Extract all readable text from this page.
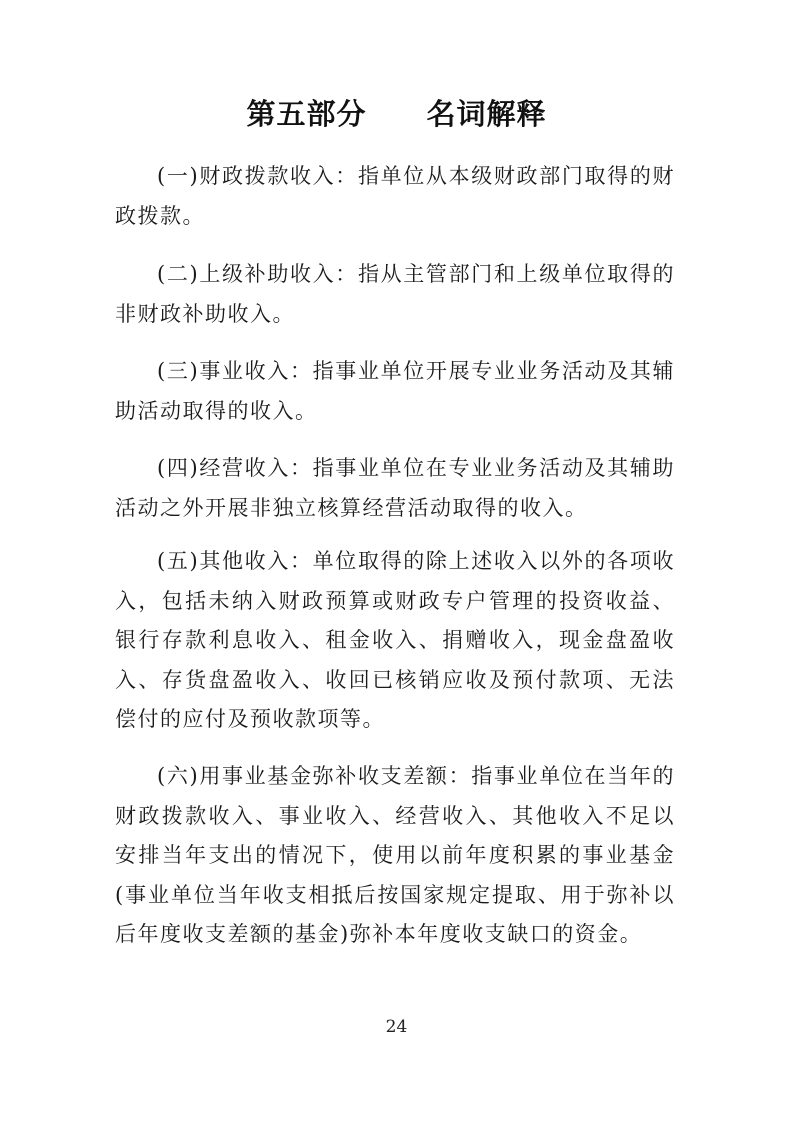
第五部分　　名词解释

(一)财政拨款收入：指单位从本级财政部门取得的财政拨款。

(二)上级补助收入：指从主管部门和上级单位取得的非财政补助收入。

(三)事业收入：指事业单位开展专业业务活动及其辅助活动取得的收入。

(四)经营收入：指事业单位在专业业务活动及其辅助活动之外开展非独立核算经营活动取得的收入。

(五)其他收入：单位取得的除上述收入以外的各项收入，包括未纳入财政预算或财政专户管理的投资收益、银行存款利息收入、租金收入、捐赠收入，现金盘盈收入、存货盘盈收入、收回已核销应收及预付款项、无法偿付的应付及预收款项等。

(六)用事业基金弥补收支差额：指事业单位在当年的财政拨款收入、事业收入、经营收入、其他收入不足以安排当年支出的情况下，使用以前年度积累的事业基金(事业单位当年收支相抵后按国家规定提取、用于弥补以后年度收支差额的基金)弥补本年度收支缺口的资金。

24
